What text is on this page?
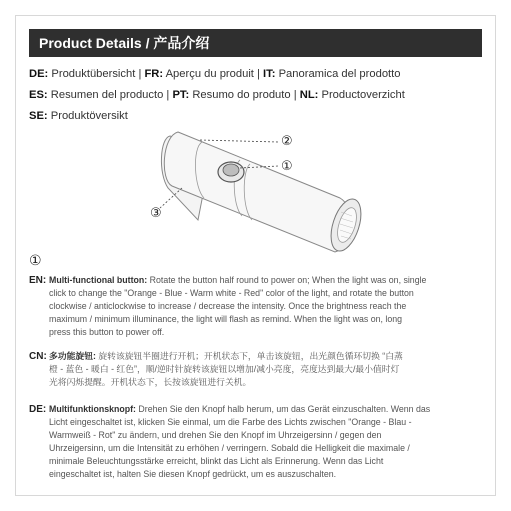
Product Details / 产品介绍
DE: Produktübersicht | FR: Aperçu du produit | IT: Panoramica del prodotto
ES: Resumen del producto | PT: Resumo do produto | NL: Productoverzicht
SE: Produktöversikt
②
①
③
①
EN: Multi-functional button: Rotate the button half round to power on; When the light was on, single
click to change the "Orange - Blue - Warm white - Red" color of the light, and rotate the button
clockwise / anticlockwise to increase / decrease the intensity. Once the brightness reach the
maximum / minimum illuminance, the light will flash as remind. When the light was on, long
press this button to power off.
CN: 多功能旋钮: 旋转该旋钮半圈进行开机；开机状态下，单击该旋钮，出光颜色循环切换 “白蒸
橙 - 蓝色 - 暖白 - 红色”，顺/逆时针旋转该旋钮以增加/减小亮度，亮度达到最大/最小值时灯
光将闪烁提醒。开机状态下，长按该旋钮进行关机。
DE: Multifunktionsknopf: Drehen Sie den Knopf halb herum, um das Gerät einzuschalten. Wenn das
Licht eingeschaltet ist, klicken Sie einmal, um die Farbe des Lichts zwischen "Orange - Blau -
Warmweiß - Rot" zu ändern, und drehen Sie den Knopf im Uhrzeigersinn / gegen den
Uhrzeigersinn, um die Intensität zu erhöhen / verringern. Sobald die Helligkeit die maximale /
minimale Beleuchtungsstärke erreicht, blinkt das Licht als Erinnerung. Wenn das Licht
eingeschaltet ist, halten Sie diesen Knopf gedrückt, um es auszuschalten.
